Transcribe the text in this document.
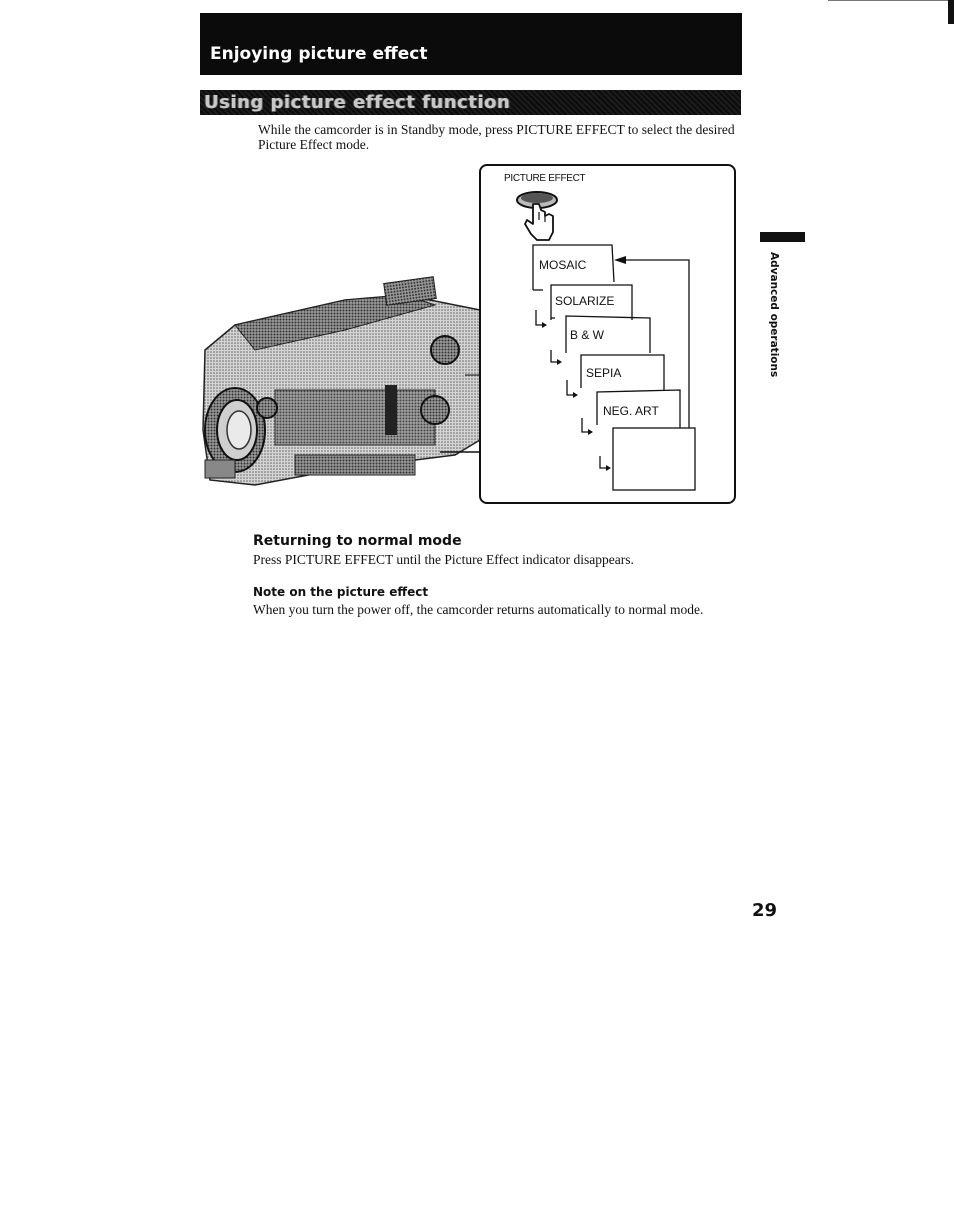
Enjoying picture effect
Using picture effect function
While the camcorder is in Standby mode, press PICTURE EFFECT to select the desired Picture Effect mode.
PICTURE EFFECT
MOSAIC
SOLARIZE
B & W
SEPIA
NEG. ART
Returning to normal mode
Press PICTURE EFFECT until the Picture Effect indicator disappears.
Note on the picture effect
When you turn the power off, the camcorder returns automatically to normal mode.
Advanced operations
29
